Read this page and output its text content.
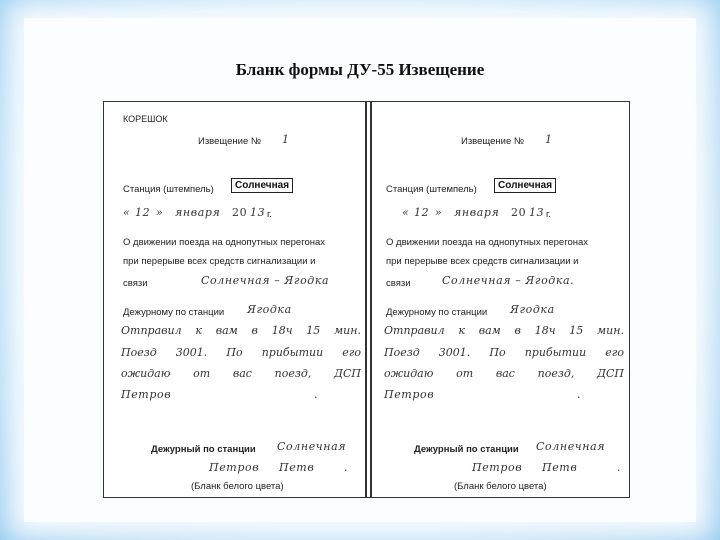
Бланк формы ДУ-55 Извещение
КОРЕШОК
Извещение № 1
Станция (штемпель)	Солнечная
« 12 » января 20 13 г.
О движении поезда на однопутных перегонах
при перерыве всех средств сигнализации и
связи	Солнечная – Ягодка
Дежурному по станции Ягодка
Отправил к вам в 18ч 15 мин.
Поезд 3001. По прибытии его
ожидаю от вас поезд, ДСП
Петров	.
Дежурный по станции Солнечная
Петров Петв	.
(Бланк белого цвета)
Извещение № 1
Станция (штемпель)	Солнечная
« 12 » января 20 13 г.
О движении поезда на однопутных перегонах
при перерыве всех средств сигнализации и
связи	Солнечная – Ягодка.
Дежурному по станции Ягодка
Отправил к вам в 18ч 15 мин.
Поезд 3001. По прибытии его
ожидаю от вас поезд, ДСП
Петров	.
Дежурный по станции Солнечная
Петров Петв	.
(Бланк белого цвета)
